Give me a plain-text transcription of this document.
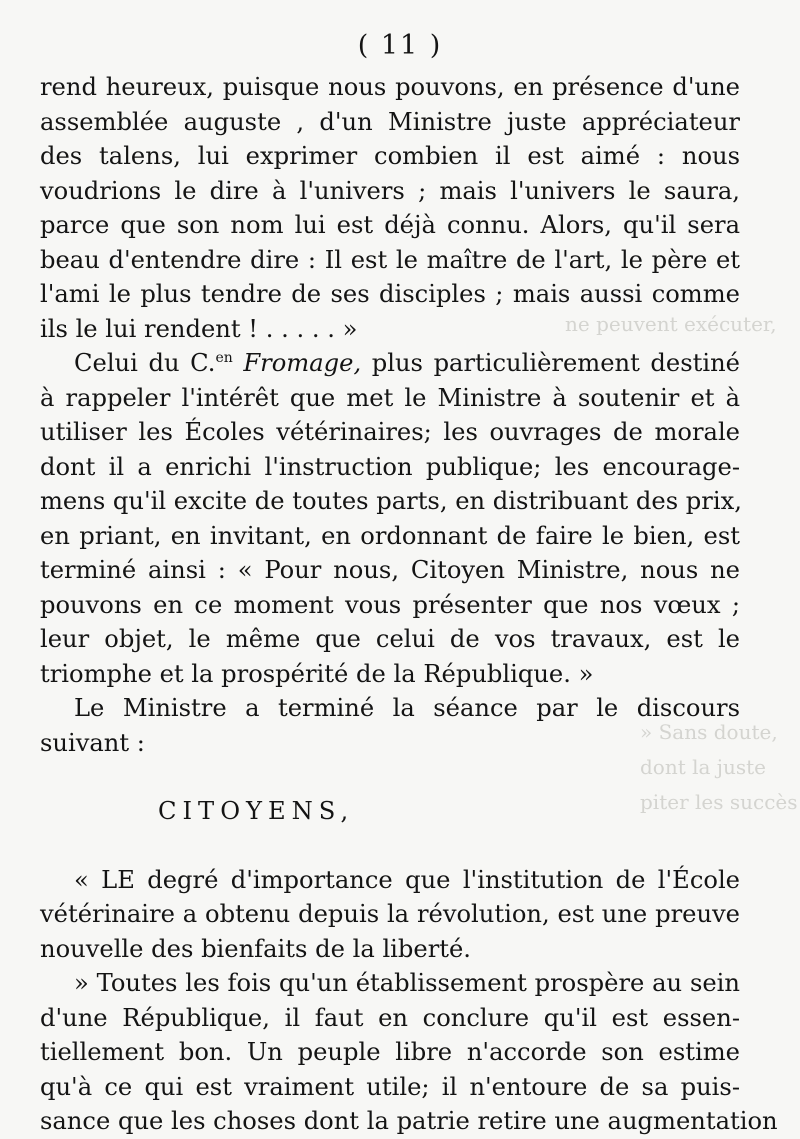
ne peuvent exécuter,
» Sans doute,
dont la juste
piter les succès
( 11 )
rend heureux, puisque nous pouvons, en présence d'une
assemblée auguste , d'un Ministre juste appréciateur
des talens, lui exprimer combien il est aimé : nous
voudrions le dire à l'univers ; mais l'univers le saura,
parce que son nom lui est déjà connu. Alors, qu'il sera
beau d'entendre dire : Il est le maître de l'art, le père et
l'ami le plus tendre de ses disciples ; mais aussi comme
ils le lui rendent ! . . . . . »
Celui du C.$^{en}$ Fromage, plus particulièrement destiné
à rappeler l'intérêt que met le Ministre à soutenir et à
utiliser les Écoles vétérinaires; les ouvrages de morale
dont il a enrichi l'instruction publique; les encourage-
mens qu'il excite de toutes parts, en distribuant des prix,
en priant, en invitant, en ordonnant de faire le bien, est
terminé ainsi : « Pour nous, Citoyen Ministre, nous ne
pouvons en ce moment vous présenter que nos vœux ;
leur objet, le même que celui de vos travaux, est le
triomphe et la prospérité de la République. »
Le Ministre a terminé la séance par le discours
suivant :
CITOYENS,
« LE degré d'importance que l'institution de l'École
vétérinaire a obtenu depuis la révolution, est une preuve
nouvelle des bienfaits de la liberté.
» Toutes les fois qu'un établissement prospère au sein
d'une République, il faut en conclure qu'il est essen-
tiellement bon. Un peuple libre n'accorde son estime
qu'à ce qui est vraiment utile; il n'entoure de sa puis-
sance que les choses dont la patrie retire une augmentation
